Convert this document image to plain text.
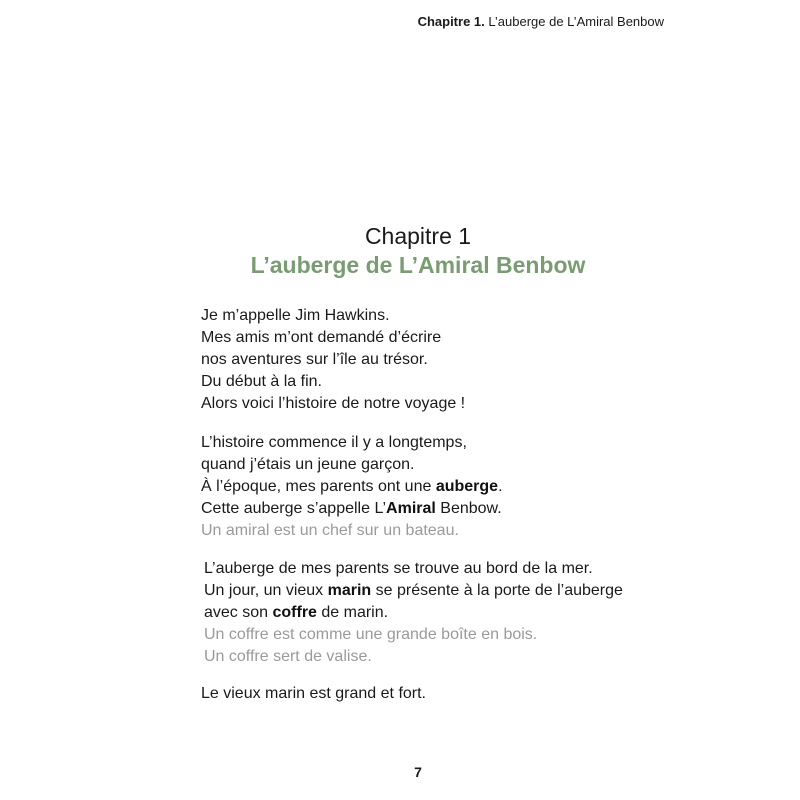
Chapitre 1. L’auberge de L’Amiral Benbow
Chapitre 1
L’auberge de L’Amiral Benbow
Je m’appelle Jim Hawkins.
Mes amis m’ont demandé d’écrire
nos aventures sur l’île au trésor.
Du début à la fin.
Alors voici l’histoire de notre voyage !
L’histoire commence il y a longtemps,
quand j’étais un jeune garçon.
À l’époque, mes parents ont une auberge.
Cette auberge s’appelle L’Amiral Benbow.
Un amiral est un chef sur un bateau.
L’auberge de mes parents se trouve au bord de la mer.
Un jour, un vieux marin se présente à la porte de l’auberge
avec son coffre de marin.
Un coffre est comme une grande boîte en bois.
Un coffre sert de valise.
Le vieux marin est grand et fort.
7
